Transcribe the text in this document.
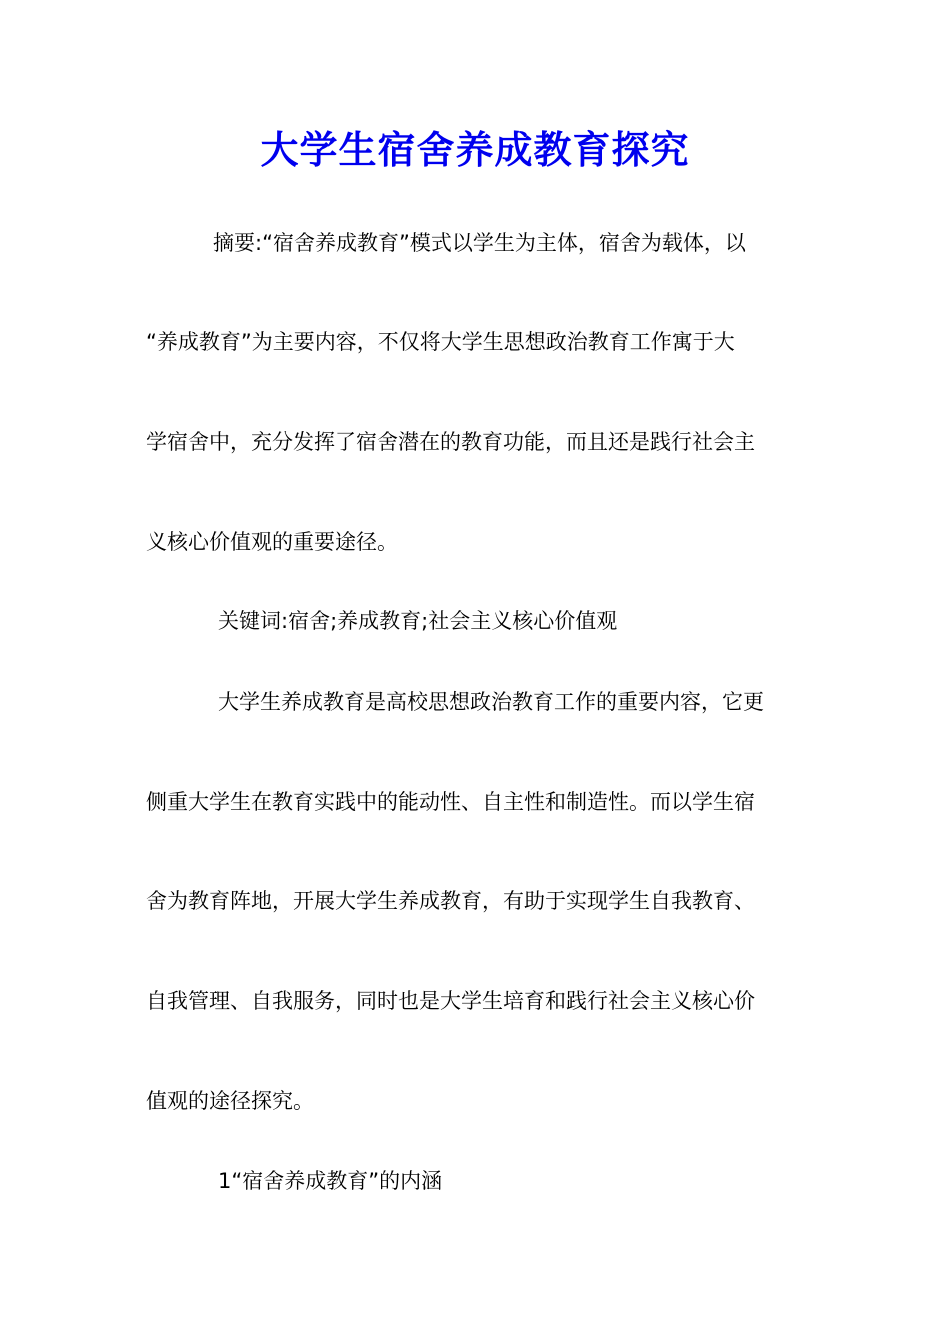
大学生宿舍养成教育探究
摘要:“宿舍养成教育”模式以学生为主体，宿舍为载体，以
“养成教育”为主要内容，不仅将大学生思想政治教育工作寓于大
学宿舍中，充分发挥了宿舍潜在的教育功能，而且还是践行社会主
义核心价值观的重要途径。
关键词:宿舍;养成教育;社会主义核心价值观
大学生养成教育是高校思想政治教育工作的重要内容，它更
侧重大学生在教育实践中的能动性、自主性和制造性。而以学生宿
舍为教育阵地，开展大学生养成教育，有助于实现学生自我教育、
自我管理、自我服务，同时也是大学生培育和践行社会主义核心价
值观的途径探究。
1“宿舍养成教育”的内涵
